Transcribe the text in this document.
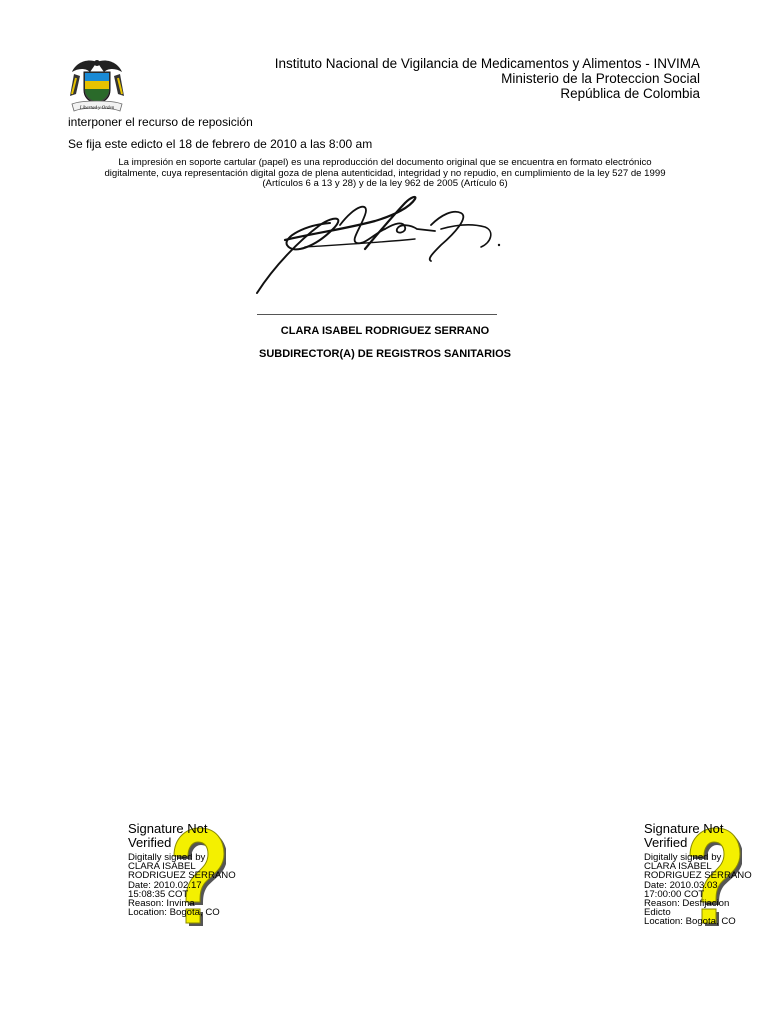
Libertad y Orden
Instituto Nacional de Vigilancia de Medicamentos y Alimentos - INVIMA
Ministerio de la Proteccion Social
República de Colombia
interponer el recurso de reposición
Se fija este edicto el 18 de febrero de 2010 a las 8:00 am
La impresión en soporte cartular (papel) es una reproducción del documento original que se encuentra en formato electrónico
digitalmente, cuya representación digital goza de plena autenticidad, integridad y no repudio, en cumplimiento de la ley 527 de 1999
(Artículos 6 a 13 y 28) y de la ley 962 de 2005 (Artículo 6)
CLARA ISABEL RODRIGUEZ SERRANO
SUBDIRECTOR(A) DE REGISTROS SANITARIOS
Signature Not
Verified
Digitally signed by
CLARA ISABEL
RODRIGUEZ SERRANO
Date: 2010.02.17
15:08:35 COT
Reason: Invima
Location: Bogota, CO
Signature Not
Verified
Digitally signed by
CLARA ISABEL
RODRIGUEZ SERRANO
Date: 2010.03.03
17:00:00 COT
Reason: Desfijacion
Edicto
Location: Bogota, CO
